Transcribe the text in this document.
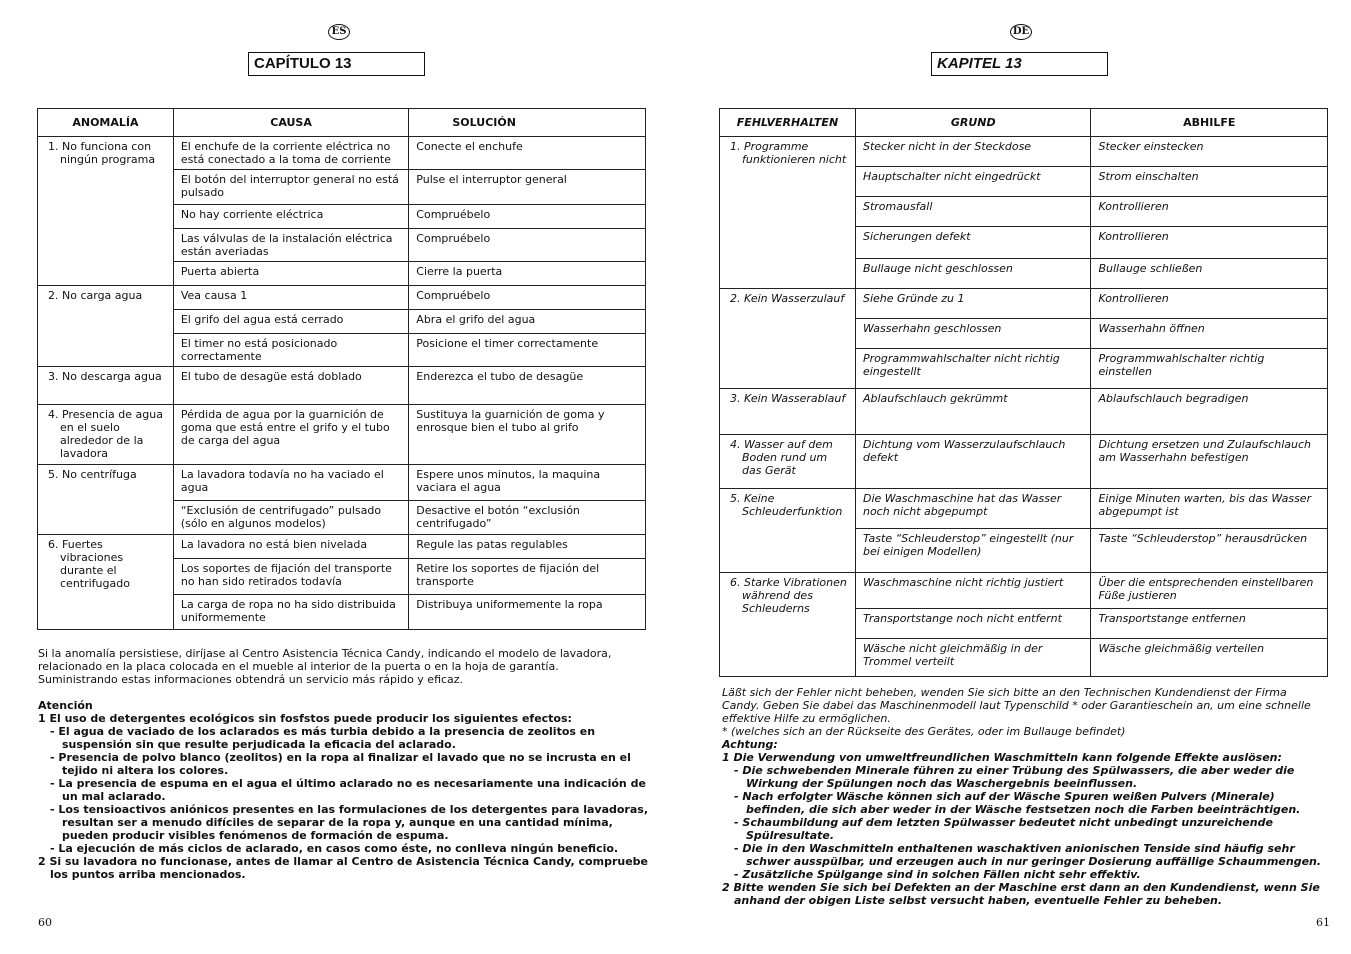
ES
CAPÍTULO 13
ANOMALÍA	CAUSA	SOLUCIÓN
1. No funciona con ningún programa	El enchufe de la corriente eléctrica no está conectado a la toma de corriente	Conecte el enchufe
	El botón del interruptor general no está pulsado	Pulse el interruptor general
	No hay corriente eléctrica	Compruébelo
	Las válvulas de la instalación eléctrica están averiadas	Compruébelo
	Puerta abierta	Cierre la puerta
2. No carga agua	Vea causa 1	Compruébelo
	El grifo del agua está cerrado	Abra el grifo del agua
	El timer no está posicionado correctamente	Posicione el timer correctamente
3. No descarga agua	El tubo de desagüe está doblado	Enderezca el tubo de desagüe
4. Presencia de agua en el suelo alrededor de la lavadora	Pérdida de agua por la guarnición de goma que está entre el grifo y el tubo de carga del agua	Sustituya la guarnición de goma y enrosque bien el tubo al grifo
5. No centrífuga	La lavadora todavía no ha vaciado el agua	Espere unos minutos, la maquina vaciara el agua
	“Exclusión de centrifugado” pulsado (sólo en algunos modelos)	Desactive el botón “exclusión centrifugado”
6. Fuertes vibraciones durante el centrifugado	La lavadora no está bien nivelada	Regule las patas regulables
	Los soportes de fijación del transporte no han sido retirados todavía	Retire los soportes de fijación del transporte
	La carga de ropa no ha sido distribuida uniformemente	Distribuya uniformemente la ropa

Si la anomalía persistiese, diríjase al Centro Asistencia Técnica Candy, indicando el modelo de lavadora, relacionado en la placa colocada en el mueble al interior de la puerta o en la hoja de garantía. Suministrando estas informaciones obtendrá un servicio más rápido y eficaz.

Atención

1 El uso de detergentes ecológicos sin fosfstos puede producir los siguientes efectos:

- El agua de vaciado de los aclarados es más turbia debido a la presencia de zeolitos en suspensión sin que resulte perjudicada la eficacia del aclarado.

- Presencia de polvo blanco (zeolitos) en la ropa al finalizar el lavado que no se incrusta en el tejido ni altera los colores.

- La presencia de espuma en el agua el último aclarado no es necesariamente una indicación de un mal aclarado.

- Los tensioactivos aniónicos presentes en las formulaciones de los detergentes para lavadoras, resultan ser a menudo difíciles de separar de la ropa y, aunque en una cantidad mínima, pueden producir visibles fenómenos de formación de espuma.

- La ejecución de más ciclos de aclarado, en casos como éste, no conlleva ningún beneficio.

2 Si su lavadora no funcionase, antes de llamar al Centro de Asistencia Técnica Candy, compruebe los puntos arriba mencionados.

60
DE
KAPITEL 13
FEHLVERHALTEN	GRUND	ABHILFE
1. Programme funktionieren nicht	Stecker nicht in der Steckdose	Stecker einstecken
	Hauptschalter nicht eingedrückt	Strom einschalten
	Stromausfall	Kontrollieren
	Sicherungen defekt	Kontrollieren
	Bullauge nicht geschlossen	Bullauge schließen
2. Kein Wasserzulauf	Siehe Gründe zu 1	Kontrollieren
	Wasserhahn geschlossen	Wasserhahn öffnen
	Programmwahlschalter nicht richtig eingestellt	Programmwahlschalter richtig einstellen
3. Kein Wasserablauf	Ablaufschlauch gekrümmt	Ablaufschlauch begradigen
4. Wasser auf dem Boden rund um das Gerät	Dichtung vom Wasserzulaufschlauch defekt	Dichtung ersetzen und Zulaufschlauch am Wasserhahn befestigen
5. Keine Schleuderfunktion	Die Waschmaschine hat das Wasser noch nicht abgepumpt	Einige Minuten warten, bis das Wasser abgepumpt ist
	Taste “Schleuderstop” eingestellt (nur bei einigen Modellen)	Taste “Schleuderstop” herausdrücken
6. Starke Vibrationen während des Schleuderns	Waschmaschine nicht richtig justiert	Über die entsprechenden einstellbaren Füße justieren
	Transportstange noch nicht entfernt	Transportstange entfernen
	Wäsche nicht gleichmäßig in der Trommel verteilt	Wäsche gleichmäßig verteilen

Läßt sich der Fehler nicht beheben, wenden Sie sich bitte an den Technischen Kundendienst der Firma Candy. Geben Sie dabei das Maschinenmodell laut Typenschild * oder Garantieschein an, um eine schnelle effektive Hilfe zu ermöglichen.

* (welches sich an der Rückseite des Gerätes, oder im Bullauge befindet)

Achtung:

1 Die Verwendung von umweltfreundlichen Waschmitteln kann folgende Effekte auslösen:

- Die schwebenden Minerale führen zu einer Trübung des Spülwassers, die aber weder die Wirkung der Spülungen noch das Waschergebnis beeinflussen.

- Nach erfolgter Wäsche können sich auf der Wäsche Spuren weißen Pulvers (Minerale) befinden, die sich aber weder in der Wäsche festsetzen noch die Farben beeinträchtigen.

- Schaumbildung auf dem letzten Spülwasser bedeutet nicht unbedingt unzureichende Spülresultate.

- Die in den Waschmitteln enthaltenen waschaktiven anionischen Tenside sind häufig sehr schwer ausspülbar, und erzeugen auch in nur geringer Dosierung auffällige Schaummengen.

- Zusätzliche Spülgange sind in solchen Fällen nicht sehr effektiv.

2 Bitte wenden Sie sich bei Defekten an der Maschine erst dann an den Kundendienst, wenn Sie anhand der obigen Liste selbst versucht haben, eventuelle Fehler zu beheben.

61
